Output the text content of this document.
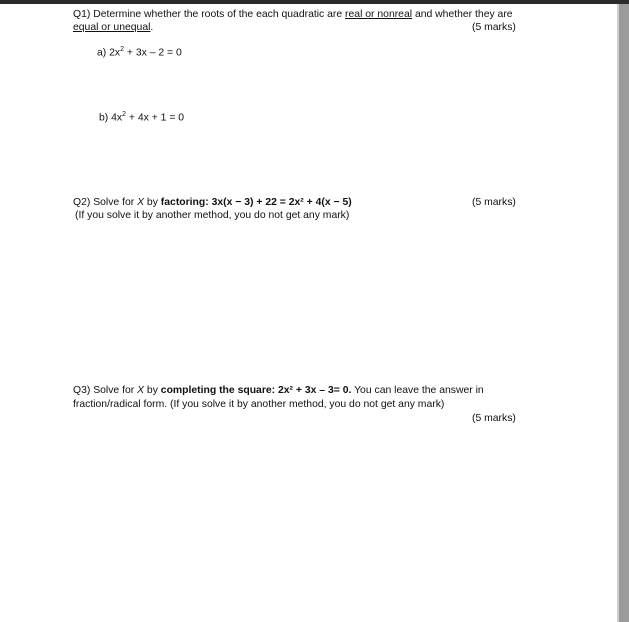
Q1) Determine whether the roots of the each quadratic are real or nonreal and whether they are
equal or unequal.	(5 marks)
a) $2x^2 + 3x - 2 = 0$
b) $4x^2 + 4x + 1 = 0$
Q2) Solve for X by factoring: 3x(x − 3) + 22 = 2x² + 4(x − 5)	(5 marks)
(If you solve it by another method, you do not get any mark)
Q3) Solve for X by completing the square: 2x² + 3x – 3= 0. You can leave the answer in
fraction/radical form. (If you solve it by another method, you do not get any mark)
(5 marks)
